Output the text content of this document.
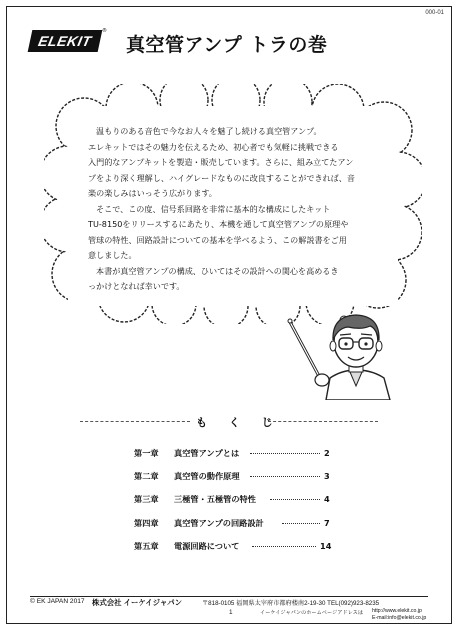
000-01
ELEKIT
®
真空管アンプ トラの巻

温もりのある音色で今なお人々を魅了し続ける真空管アンプ。

エレキットではその魅力を伝えるため、初心者でも気軽に挑戦できる

入門的なアンプキットを製造・販売しています。さらに、組み立てたアン

プをより深く理解し、ハイグレードなものに改良することができれば、音

楽の楽しみはいっそう広がります。

そこで、この度、信号系回路を非常に基本的な構成にしたキット

TU-8150をリリースするにあたり、本機を通して真空管アンプの原理や

管球の特性、回路設計についての基本を学べるよう、この解説書をご用

意しました。

本書が真空管アンプの構成、ひいてはその設計への関心を高めるき

っかけとなれば幸いです。

も く じ
第一章 真空管アンプとは	2
第二章 真空管の動作原理	3
第三章 三極管・五極管の特性	4
第四章 真空管アンプの回路設計	7
第五章 電源回路について	14
© EK JAPAN 2017 株式会社 イーケイジャパン	〒818-0105 福岡県太宰府市都府楼南2-19-30 TEL(092)923-8235
1	イーケイジャパンのホームページアドレスは http://www.elekit.co.jp
E-mail:info@elekit.co.jp
